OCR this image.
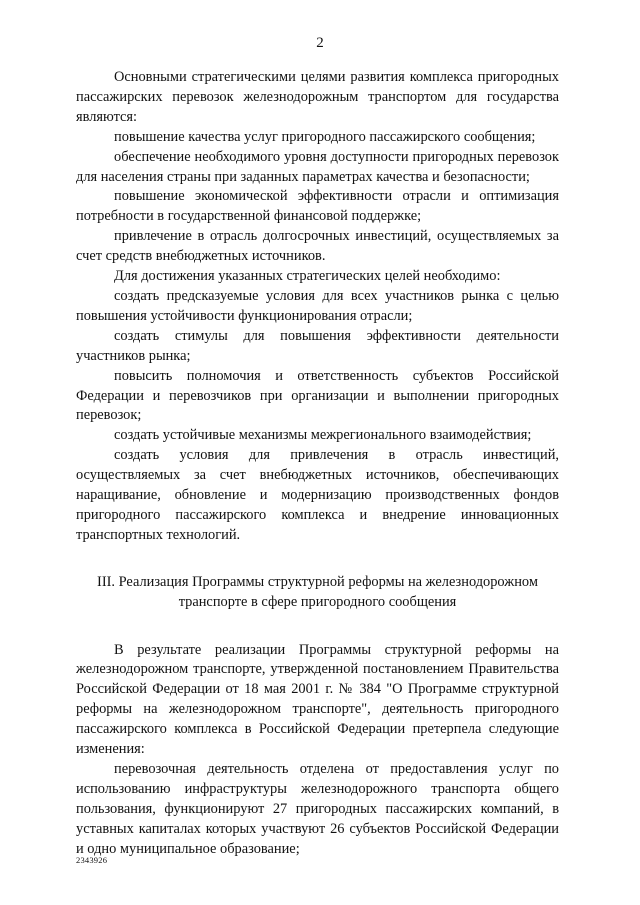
2

Основными стратегическими целями развития комплекса пригородных пассажирских перевозок железнодорожным транспортом для государства являются:

повышение качества услуг пригородного пассажирского сообщения;

обеспечение необходимого уровня доступности пригородных перевозок для населения страны при заданных параметрах качества и безопасности;

повышение экономической эффективности отрасли и оптимизация потребности в государственной финансовой поддержке;

привлечение в отрасль долгосрочных инвестиций, осуществляемых за счет средств внебюджетных источников.

Для достижения указанных стратегических целей необходимо:

создать предсказуемые условия для всех участников рынка с целью повышения устойчивости функционирования отрасли;

создать стимулы для повышения эффективности деятельности участников рынка;

повысить полномочия и ответственность субъектов Российской Федерации и перевозчиков при организации и выполнении пригородных перевозок;

создать устойчивые механизмы межрегионального взаимодействия;

создать условия для привлечения в отрасль инвестиций, осуществляемых за счет внебюджетных источников, обеспечивающих наращивание, обновление и модернизацию производственных фондов пригородного пассажирского комплекса и внедрение инновационных транспортных технологий.

III. Реализация Программы структурной реформы на железнодорожном транспорте в сфере пригородного сообщения

В результате реализации Программы структурной реформы на железнодорожном транспорте, утвержденной постановлением Правительства Российской Федерации от 18 мая 2001 г. № 384 "О Программе структурной реформы на железнодорожном транспорте", деятельность пригородного пассажирского комплекса в Российской Федерации претерпела следующие изменения:

перевозочная деятельность отделена от предоставления услуг по использованию инфраструктуры железнодорожного транспорта общего пользования, функционируют 27 пригородных пассажирских компаний, в уставных капиталах которых участвуют 26 субъектов Российской Федерации и одно муниципальное образование;

2343926
